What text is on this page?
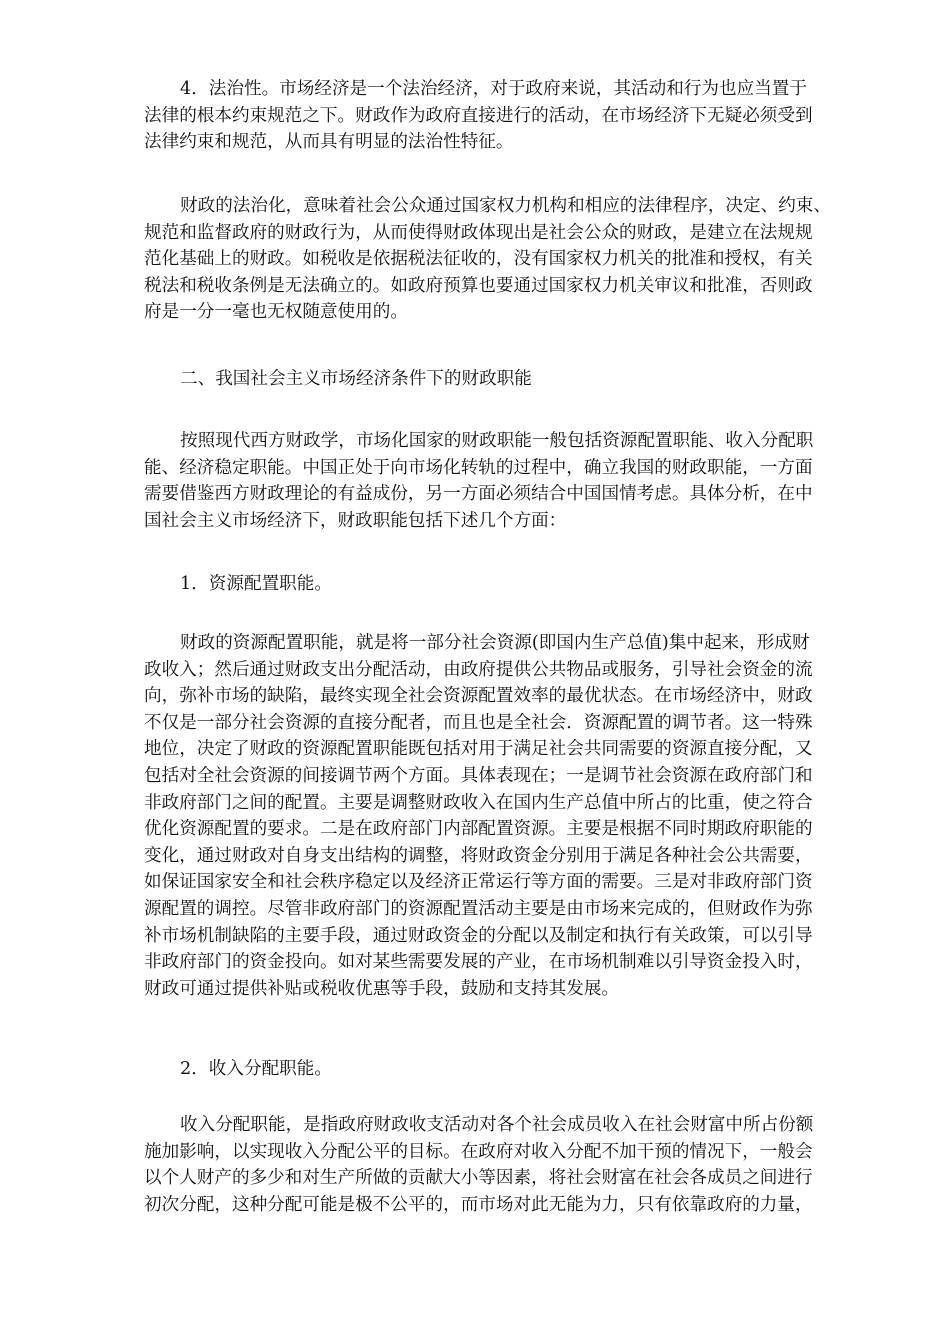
4．法治性。市场经济是一个法治经济，对于政府来说，其活动和行为也应当置于
法律的根本约束规范之下。财政作为政府直接进行的活动，在市场经济下无疑必须受到
法律约束和规范，从而具有明显的法治性特征。
财政的法治化，意味着社会公众通过国家权力机构和相应的法律程序，决定、约束、
规范和监督政府的财政行为，从而使得财政体现出是社会公众的财政，是建立在法规规
范化基础上的财政。如税收是依据税法征收的，没有国家权力机关的批准和授权，有关
税法和税收条例是无法确立的。如政府预算也要通过国家权力机关审议和批准，否则政
府是一分一毫也无权随意使用的。
二、我国社会主义市场经济条件下的财政职能
按照现代西方财政学，市场化国家的财政职能一般包括资源配置职能、收入分配职
能、经济稳定职能。中国正处于向市场化转轨的过程中，确立我国的财政职能，一方面
需要借鉴西方财政理论的有益成份，另一方面必须结合中国国情考虑。具体分析，在中
国社会主义市场经济下，财政职能包括下述几个方面：
1．资源配置职能。
财政的资源配置职能，就是将一部分社会资源(即国内生产总值)集中起来，形成财
政收入；然后通过财政支出分配活动，由政府提供公共物品或服务，引导社会资金的流
向，弥补市场的缺陷，最终实现全社会资源配置效率的最优状态。在市场经济中，财政
不仅是一部分社会资源的直接分配者，而且也是全社会．资源配置的调节者。这一特殊
地位，决定了财政的资源配置职能既包括对用于满足社会共同需要的资源直接分配，又
包括对全社会资源的间接调节两个方面。具体表现在；一是调节社会资源在政府部门和
非政府部门之间的配置。主要是调整财政收入在国内生产总值中所占的比重，使之符合
优化资源配置的要求。二是在政府部门内部配置资源。主要是根据不同时期政府职能的
变化，通过财政对自身支出结构的调整，将财政资金分别用于满足各种社会公共需要，
如保证国家安全和社会秩序稳定以及经济正常运行等方面的需要。三是对非政府部门资
源配置的调控。尽管非政府部门的资源配置活动主要是由市场来完成的，但财政作为弥
补市场机制缺陷的主要手段，通过财政资金的分配以及制定和执行有关政策，可以引导
非政府部门的资金投向。如对某些需要发展的产业，在市场机制难以引导资金投入时，
财政可通过提供补贴或税收优惠等手段，鼓励和支持其发展。
2．收入分配职能。
收入分配职能，是指政府财政收支活动对各个社会成员收入在社会财富中所占份额
施加影响，以实现收入分配公平的目标。在政府对收入分配不加干预的情况下，一般会
以个人财产的多少和对生产所做的贡献大小等因素，将社会财富在社会各成员之间进行
初次分配，这种分配可能是极不公平的，而市场对此无能为力，只有依靠政府的力量，
